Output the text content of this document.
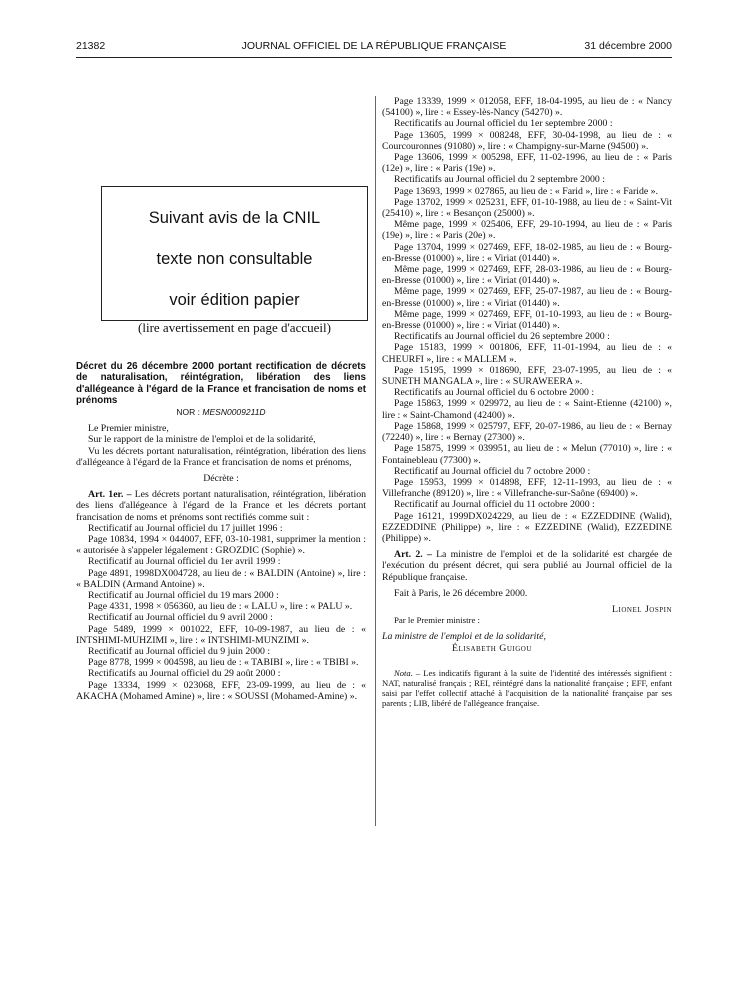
21382	JOURNAL OFFICIEL DE LA RÉPUBLIQUE FRANÇAISE	31 décembre 2000
Suivant avis de la CNIL
texte non consultable
voir édition papier
(lire avertissement en page d'accueil)
Décret du 26 décembre 2000 portant rectification de décrets de naturalisation, réintégration, libération des liens d'allégeance à l'égard de la France et francisation de noms et prénoms
NOR : MESN0009211D

Le Premier ministre,

Sur le rapport de la ministre de l'emploi et de la solidarité,

Vu les décrets portant naturalisation, réintégration, libération des liens d'allégeance à l'égard de la France et francisation de noms et prénoms,

Décrète :

Art. 1er. – Les décrets portant naturalisation, réintégration, libération des liens d'allégeance à l'égard de la France et les décrets portant francisation de noms et prénoms sont rectifiés comme suit :

Rectificatif au Journal officiel du 17 juillet 1996 :

Page 10834, 1994 × 044007, EFF, 03-10-1981, supprimer la mention : « autorisée à s'appeler légalement : GROZDIC (Sophie) ».

Rectificatif au Journal officiel du 1er avril 1999 :

Page 4891, 1998DX004728, au lieu de : « BALDIN (Antoine) », lire : « BALDIN (Armand Antoine) ».

Rectificatif au Journal officiel du 19 mars 2000 :

Page 4331, 1998 × 056360, au lieu de : « LALU », lire : « PALU ».

Rectificatif au Journal officiel du 9 avril 2000 :

Page 5489, 1999 × 001022, EFF, 10-09-1987, au lieu de : « INTSHIMI-MUHZIMI », lire : « INTSHIMI-MUNZIMI ».

Rectificatif au Journal officiel du 9 juin 2000 :

Page 8778, 1999 × 004598, au lieu de : « TABIBI », lire : « TBIBI ».

Rectificatifs au Journal officiel du 29 août 2000 :

Page 13334, 1999 × 023068, EFF, 23-09-1999, au lieu de : « AKACHA (Mohamed Amine) », lire : « SOUSSI (Mohamed-Amine) ».

Page 13339, 1999 × 012058, EFF, 18-04-1995, au lieu de : « Nancy (54100) », lire : « Essey-lès-Nancy (54270) ».

Rectificatifs au Journal officiel du 1er septembre 2000 :

Page 13605, 1999 × 008248, EFF, 30-04-1998, au lieu de : « Courcouronnes (91080) », lire : « Champigny-sur-Marne (94500) ».

Page 13606, 1999 × 005298, EFF, 11-02-1996, au lieu de : « Paris (12e) », lire : « Paris (19e) ».

Rectificatifs au Journal officiel du 2 septembre 2000 :

Page 13693, 1999 × 027865, au lieu de : « Farid », lire : « Faride ».

Page 13702, 1999 × 025231, EFF, 01-10-1988, au lieu de : « Saint-Vit (25410) », lire : « Besançon (25000) ».

Même page, 1999 × 025406, EFF, 29-10-1994, au lieu de : « Paris (19e) », lire : « Paris (20e) ».

Page 13704, 1999 × 027469, EFF, 18-02-1985, au lieu de : « Bourg-en-Bresse (01000) », lire : « Viriat (01440) ».

Même page, 1999 × 027469, EFF, 28-03-1986, au lieu de : « Bourg-en-Bresse (01000) », lire : « Viriat (01440) ».

Même page, 1999 × 027469, EFF, 25-07-1987, au lieu de : « Bourg-en-Bresse (01000) », lire : « Viriat (01440) ».

Même page, 1999 × 027469, EFF, 01-10-1993, au lieu de : « Bourg-en-Bresse (01000) », lire : « Viriat (01440) ».

Rectificatifs au Journal officiel du 26 septembre 2000 :

Page 15183, 1999 × 001806, EFF, 11-01-1994, au lieu de : « CHEURFI », lire : « MALLEM ».

Page 15195, 1999 × 018690, EFF, 23-07-1995, au lieu de : « SUNETH MANGALA », lire : « SURAWEERA ».

Rectificatifs au Journal officiel du 6 octobre 2000 :

Page 15863, 1999 × 029972, au lieu de : « Saint-Etienne (42100) », lire : « Saint-Chamond (42400) ».

Page 15868, 1999 × 025797, EFF, 20-07-1986, au lieu de : « Bernay (72240) », lire : « Bernay (27300) ».

Page 15875, 1999 × 039951, au lieu de : « Melun (77010) », lire : « Fontainebleau (77300) ».

Rectificatif au Journal officiel du 7 octobre 2000 :

Page 15953, 1999 × 014898, EFF, 12-11-1993, au lieu de : « Villefranche (89120) », lire : « Villefranche-sur-Saône (69400) ».

Rectificatif au Journal officiel du 11 octobre 2000 :

Page 16121, 1999DX024229, au lieu de : « EZZEDDINE (Walid), EZZEDDINE (Philippe) », lire : « EZZEDINE (Walid), EZZEDINE (Philippe) ».

Art. 2. – La ministre de l'emploi et de la solidarité est chargée de l'exécution du présent décret, qui sera publié au Journal officiel de la République française.

Fait à Paris, le 26 décembre 2000.

Lionel Jospin

Par le Premier ministre :

La ministre de l'emploi et de la solidarité,

Élisabeth Guigou

Nota. – Les indicatifs figurant à la suite de l'identité des intéressés signifient : NAT, naturalisé français ; REI, réintégré dans la nationalité française ; EFF, enfant saisi par l'effet collectif attaché à l'acquisition de la nationalité française par ses parents ; LIB, libéré de l'allégeance française.
